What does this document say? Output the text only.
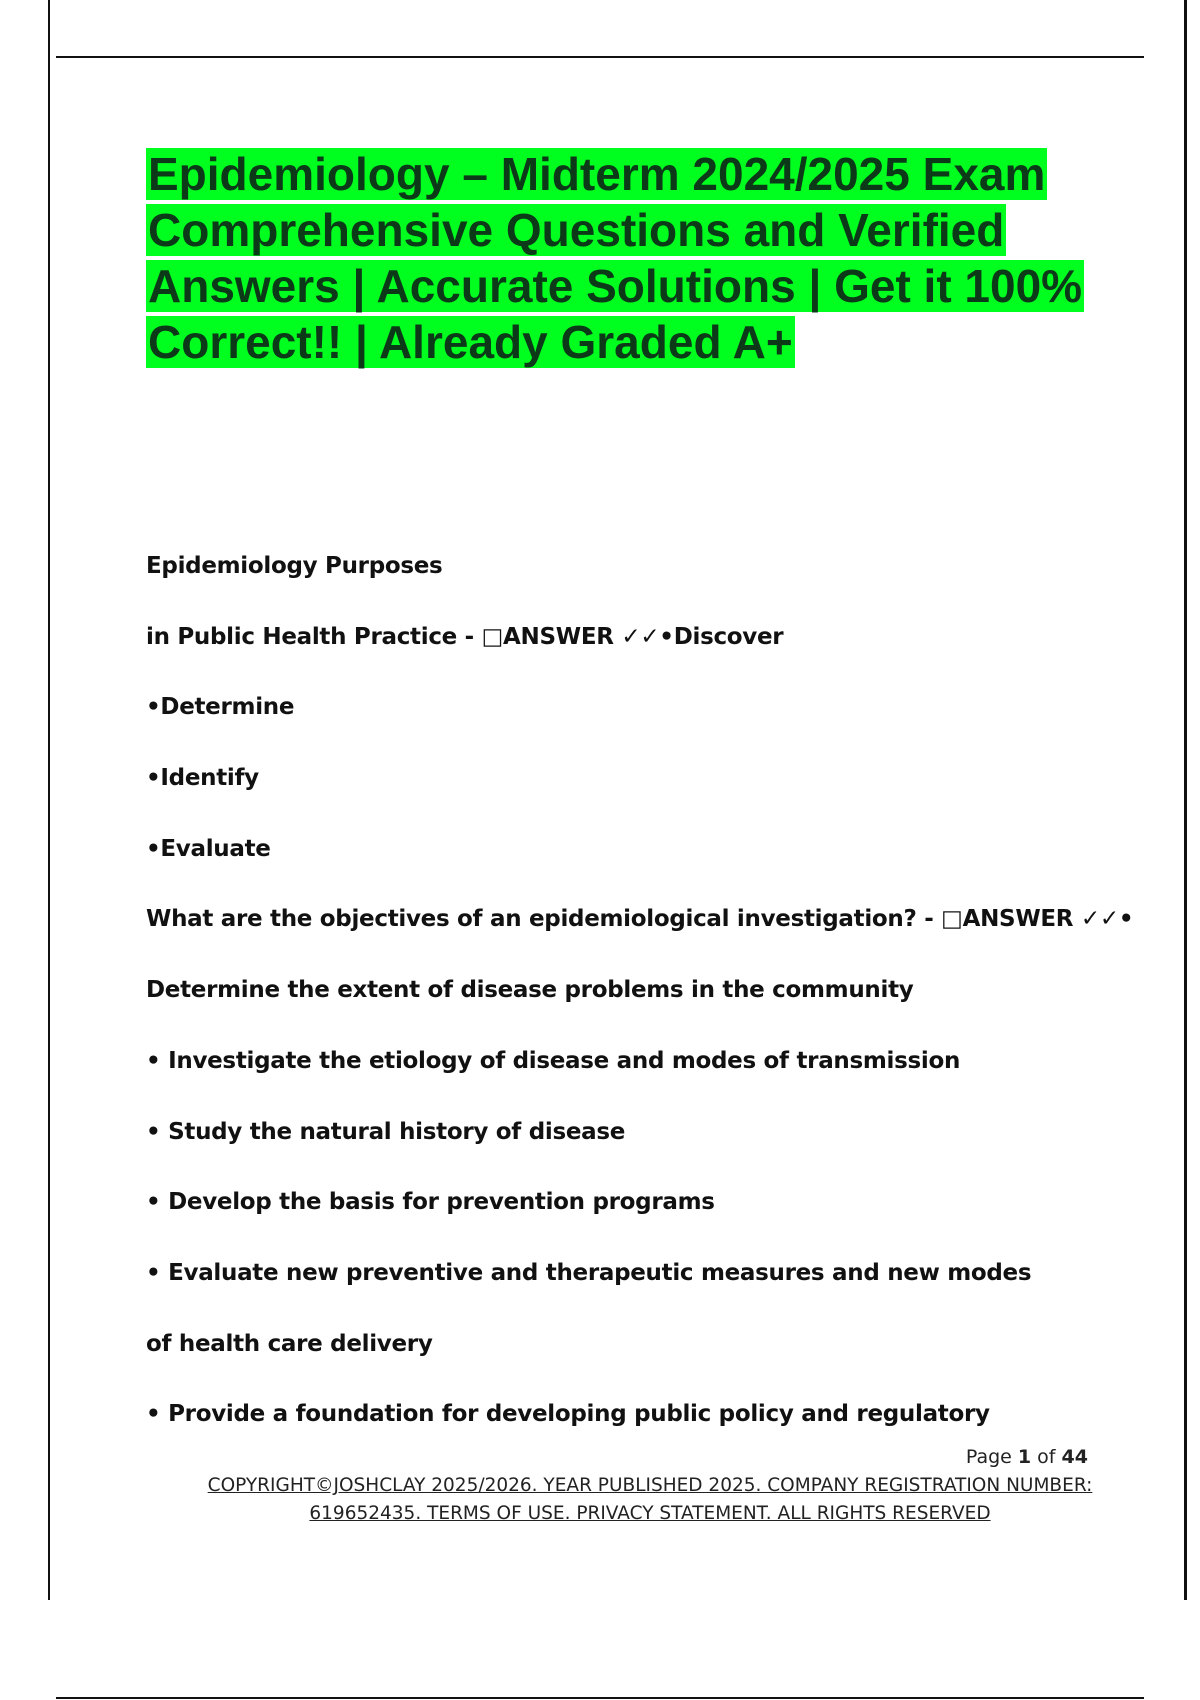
Epidemiology – Midterm 2024/2025 Exam Comprehensive Questions and Verified Answers | Accurate Solutions | Get it 100% Correct!! | Already Graded A+
Epidemiology Purposes
in Public Health Practice - □ANSWER ✓✓•Discover
•Determine
•Identify
•Evaluate
What are the objectives of an epidemiological investigation? - □ANSWER ✓✓•
Determine the extent of disease problems in the community
• Investigate the etiology of disease and modes of transmission
• Study the natural history of disease
• Develop the basis for prevention programs
• Evaluate new preventive and therapeutic measures and new modes
of health care delivery
• Provide a foundation for developing public policy and regulatory
Page 1 of 44
COPYRIGHT©JOSHCLAY 2025/2026. YEAR PUBLISHED 2025. COMPANY REGISTRATION NUMBER:
619652435. TERMS OF USE. PRIVACY STATEMENT. ALL RIGHTS RESERVED
